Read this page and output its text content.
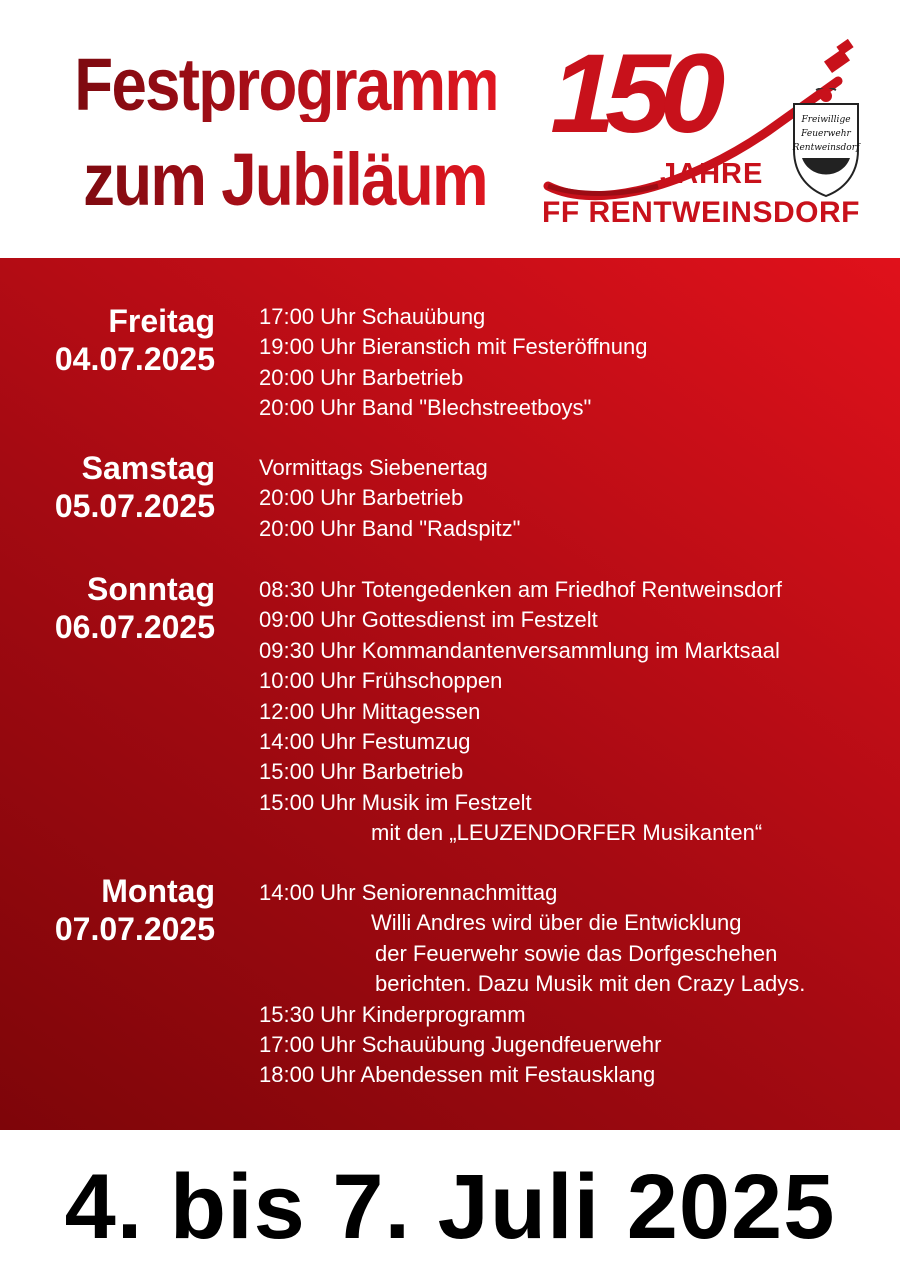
Festprogramm
zum Jubiläum
150
JAHRE
FF RENTWEINSDORF
Freiwillige
Feuerwehr
Rentweinsdorf
Freitag
04.07.2025
17:00 Uhr Schauübung
19:00 Uhr Bieranstich mit Festeröffnung
20:00 Uhr Barbetrieb
20:00 Uhr Band "Blechstreetboys"
Samstag
05.07.2025
Vormittags Siebenertag
20:00 Uhr Barbetrieb
20:00 Uhr Band "Radspitz"
Sonntag
06.07.2025
08:30 Uhr Totengedenken am Friedhof Rentweinsdorf
09:00 Uhr Gottesdienst im Festzelt
09:30 Uhr Kommandantenversammlung im Marktsaal
10:00 Uhr Frühschoppen
12:00 Uhr Mittagessen
14:00 Uhr Festumzug
15:00 Uhr Barbetrieb
15:00 Uhr Musik im Festzelt
mit den „LEUZENDORFER Musikanten“
Montag
07.07.2025
14:00 Uhr Seniorennachmittag
Willi Andres wird über die Entwicklung
der Feuerwehr sowie das Dorfgeschehen
berichten. Dazu Musik mit den Crazy Ladys.
15:30 Uhr Kinderprogramm
17:00 Uhr Schauübung Jugendfeuerwehr
18:00 Uhr Abendessen mit Festausklang
4. bis 7. Juli 2025
